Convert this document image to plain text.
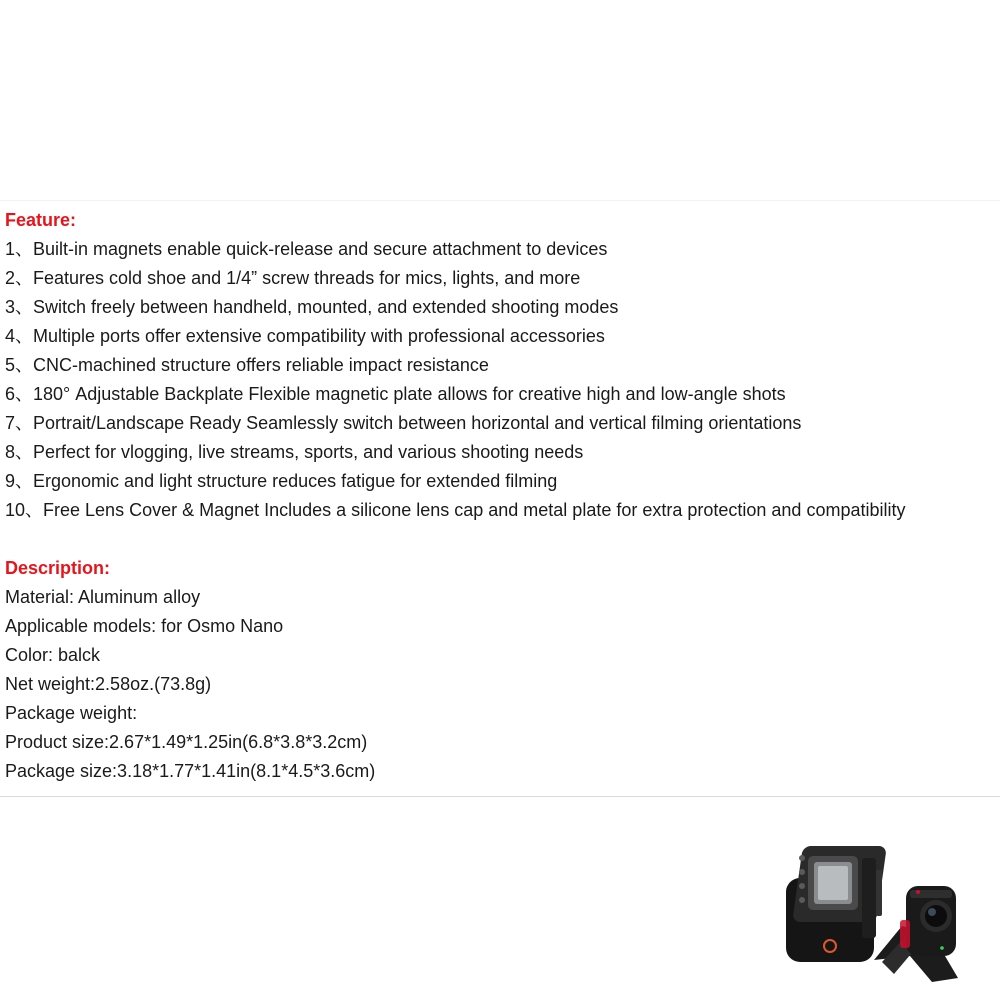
Feature:
1、Built-in magnets enable quick-release and secure attachment to devices
2、Features cold shoe and 1/4” screw threads for mics, lights, and more
3、Switch freely between handheld, mounted, and extended shooting modes
4、Multiple ports offer extensive compatibility with professional accessories
5、CNC-machined structure offers reliable impact resistance
6、180° Adjustable Backplate Flexible magnetic plate allows for creative high and low-angle shots
7、Portrait/Landscape Ready Seamlessly switch between horizontal and vertical filming orientations
8、Perfect for vlogging, live streams, sports, and various shooting needs
9、Ergonomic and light structure reduces fatigue for extended filming
10、Free Lens Cover & Magnet Includes a silicone lens cap and metal plate for extra protection and compatibility
Description:
Material: Aluminum alloy
Applicable models: for Osmo Nano
Color: balck
Net weight:2.58oz.(73.8g)
Package weight:
Product size:2.67*1.49*1.25in(6.8*3.8*3.2cm)
Package size:3.18*1.77*1.41in(8.1*4.5*3.6cm)
